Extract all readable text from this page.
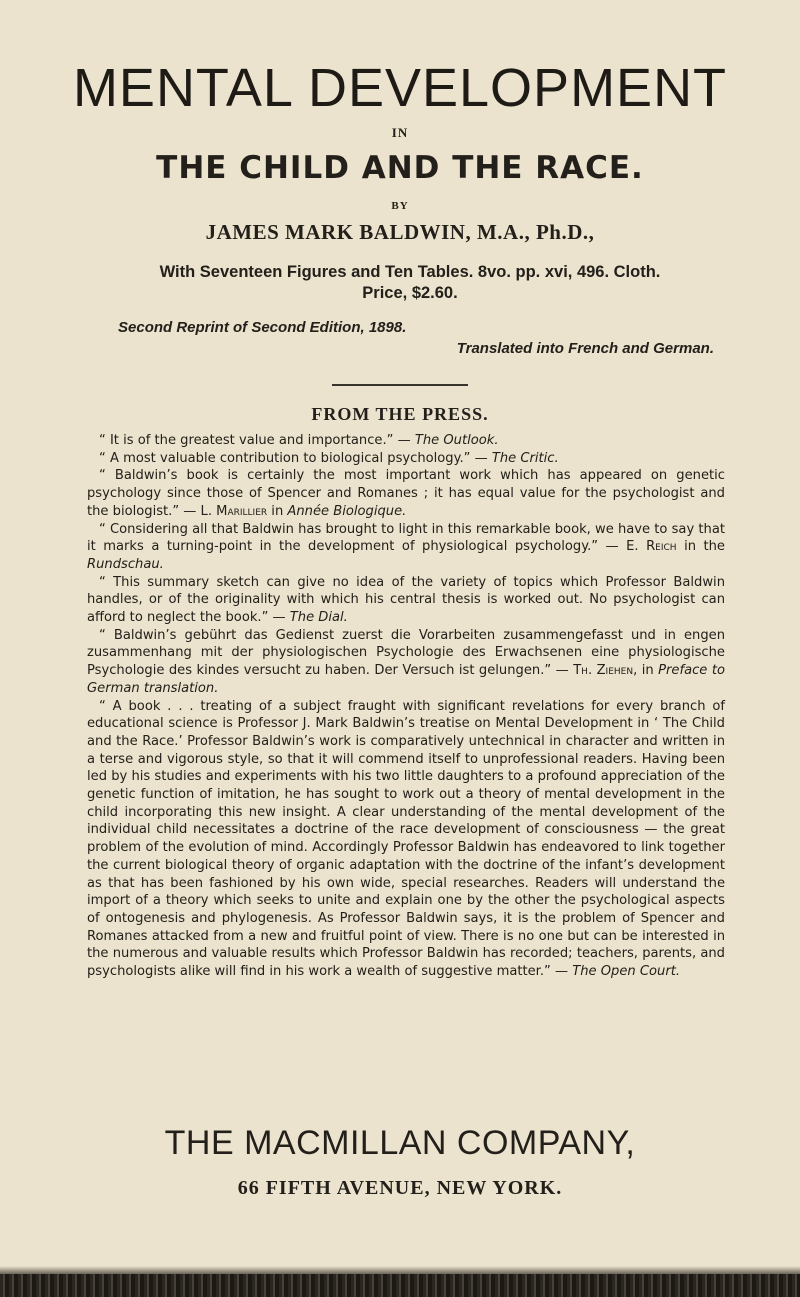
MENTAL DEVELOPMENT
IN
THE CHILD AND THE RACE.
BY
JAMES MARK BALDWIN, M.A., Ph.D.,
With Seventeen Figures and Ten Tables. 8vo. pp. xvi, 496. Cloth.
Price, $2.60.
Second Reprint of Second Edition, 1898.
Translated into French and German.
FROM THE PRESS.

“ It is of the greatest value and importance.” — The Outlook.

“ A most valuable contribution to biological psychology.” — The Critic.

“ Baldwin’s book is certainly the most important work which has appeared on genetic psychology since those of Spencer and Romanes ; it has equal value for the psychologist and the biologist.” — L. Marillier in Année Biologique.

“ Considering all that Baldwin has brought to light in this remarkable book, we have to say that it marks a turning-point in the development of physiological psychology.” — E. Reich in the Rundschau.

“ This summary sketch can give no idea of the variety of topics which Professor Baldwin handles, or of the originality with which his central thesis is worked out. No psychologist can afford to neglect the book.” — The Dial.

“ Baldwin’s gebührt das Gedienst zuerst die Vorarbeiten zusammengefasst und in engen zusammenhang mit der physiologischen Psychologie des Erwachsenen eine physiologische Psychologie des kindes versucht zu haben. Der Versuch ist gelungen.” — Th. Ziehen, in Preface to German translation.

“ A book . . . treating of a subject fraught with significant revelations for every branch of educational science is Professor J. Mark Baldwin’s treatise on Mental Development in ‘ The Child and the Race.’ Professor Baldwin’s work is comparatively untechnical in character and written in a terse and vigorous style, so that it will commend itself to unprofessional readers. Having been led by his studies and experiments with his two little daughters to a profound appreciation of the genetic function of imitation, he has sought to work out a theory of mental development in the child incorporating this new insight. A clear understanding of the mental development of the individual child necessitates a doctrine of the race development of consciousness — the great problem of the evolution of mind. Accordingly Professor Baldwin has endeavored to link together the current biological theory of organic adaptation with the doctrine of the infant’s development as that has been fashioned by his own wide, special researches. Readers will understand the import of a theory which seeks to unite and explain one by the other the psychological aspects of ontogenesis and phylogenesis. As Professor Baldwin says, it is the problem of Spencer and Romanes attacked from a new and fruitful point of view. There is no one but can be interested in the numerous and valuable results which Professor Baldwin has recorded; teachers, parents, and psychologists alike will find in his work a wealth of suggestive matter.” — The Open Court.

THE MACMILLAN COMPANY,
66 FIFTH AVENUE, NEW YORK.
